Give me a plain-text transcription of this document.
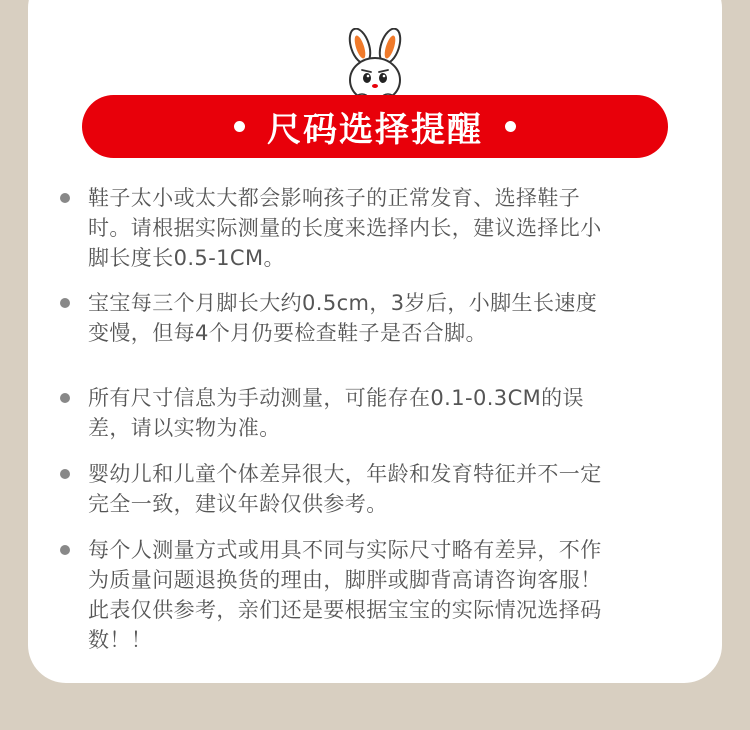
尺码选择提醒
鞋子太小或太大都会影响孩子的正常发育、选择鞋子
时。请根据实际测量的长度来选择内长，建议选择比小
脚长度长0.5-1CM。
宝宝每三个月脚长大约0.5cm，3岁后，小脚生长速度
变慢，但每4个月仍要检查鞋子是否合脚。
所有尺寸信息为手动测量，可能存在0.1-0.3CM的误
差，请以实物为准。
婴幼儿和儿童个体差异很大，年龄和发育特征并不一定
完全一致，建议年龄仅供参考。
每个人测量方式或用具不同与实际尺寸略有差异，不作
为质量问题退换货的理由，脚胖或脚背高请咨询客服！
此表仅供参考，亲们还是要根据宝宝的实际情况选择码
数！！
